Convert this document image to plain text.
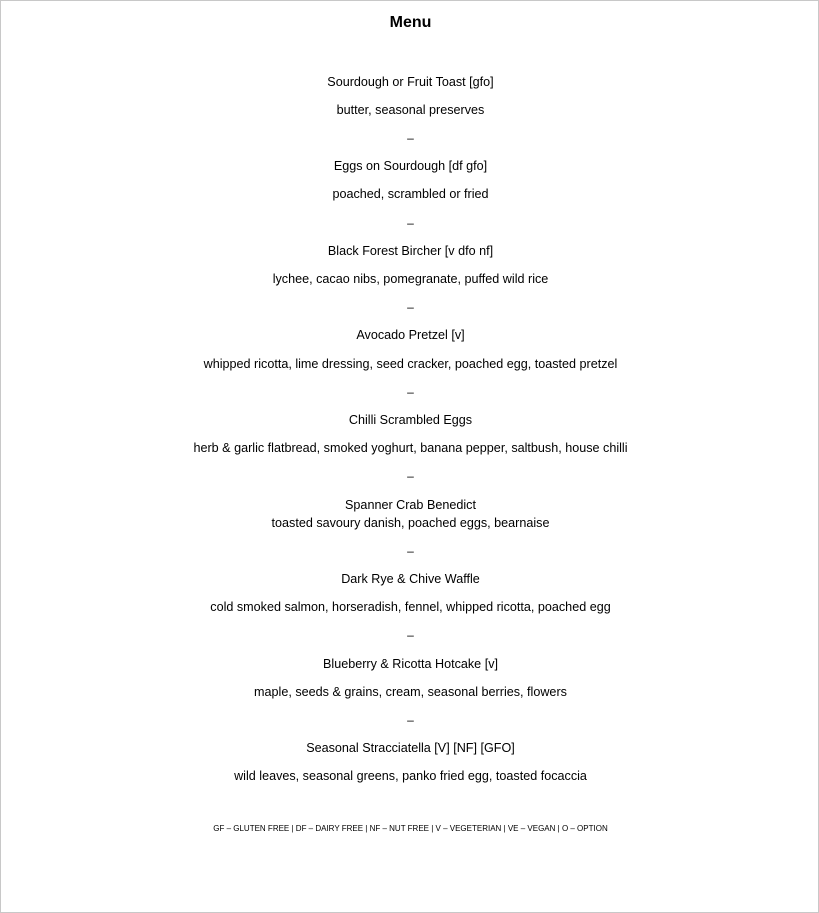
Menu
Sourdough or Fruit Toast [gfo]
butter, seasonal preserves
–
Eggs on Sourdough [df gfo]
poached, scrambled or fried
–
Black Forest Bircher [v dfo nf]
lychee, cacao nibs, pomegranate, puffed wild rice
–
Avocado Pretzel [v]
whipped ricotta, lime dressing, seed cracker, poached egg, toasted pretzel
–
Chilli Scrambled Eggs
herb & garlic flatbread, smoked yoghurt, banana pepper, saltbush, house chilli
–
Spanner Crab Benedict
toasted savoury danish, poached eggs, bearnaise
–
Dark Rye & Chive Waffle
cold smoked salmon, horseradish, fennel, whipped ricotta, poached egg
–
Blueberry & Ricotta Hotcake [v]
maple, seeds & grains, cream, seasonal berries, flowers
–
Seasonal Stracciatella [V] [NF] [GFO]
wild leaves, seasonal greens, panko fried egg, toasted focaccia
GF – GLUTEN FREE | DF – DAIRY FREE | NF – NUT FREE | V – VEGETERIAN | VE – VEGAN | O – OPTION
